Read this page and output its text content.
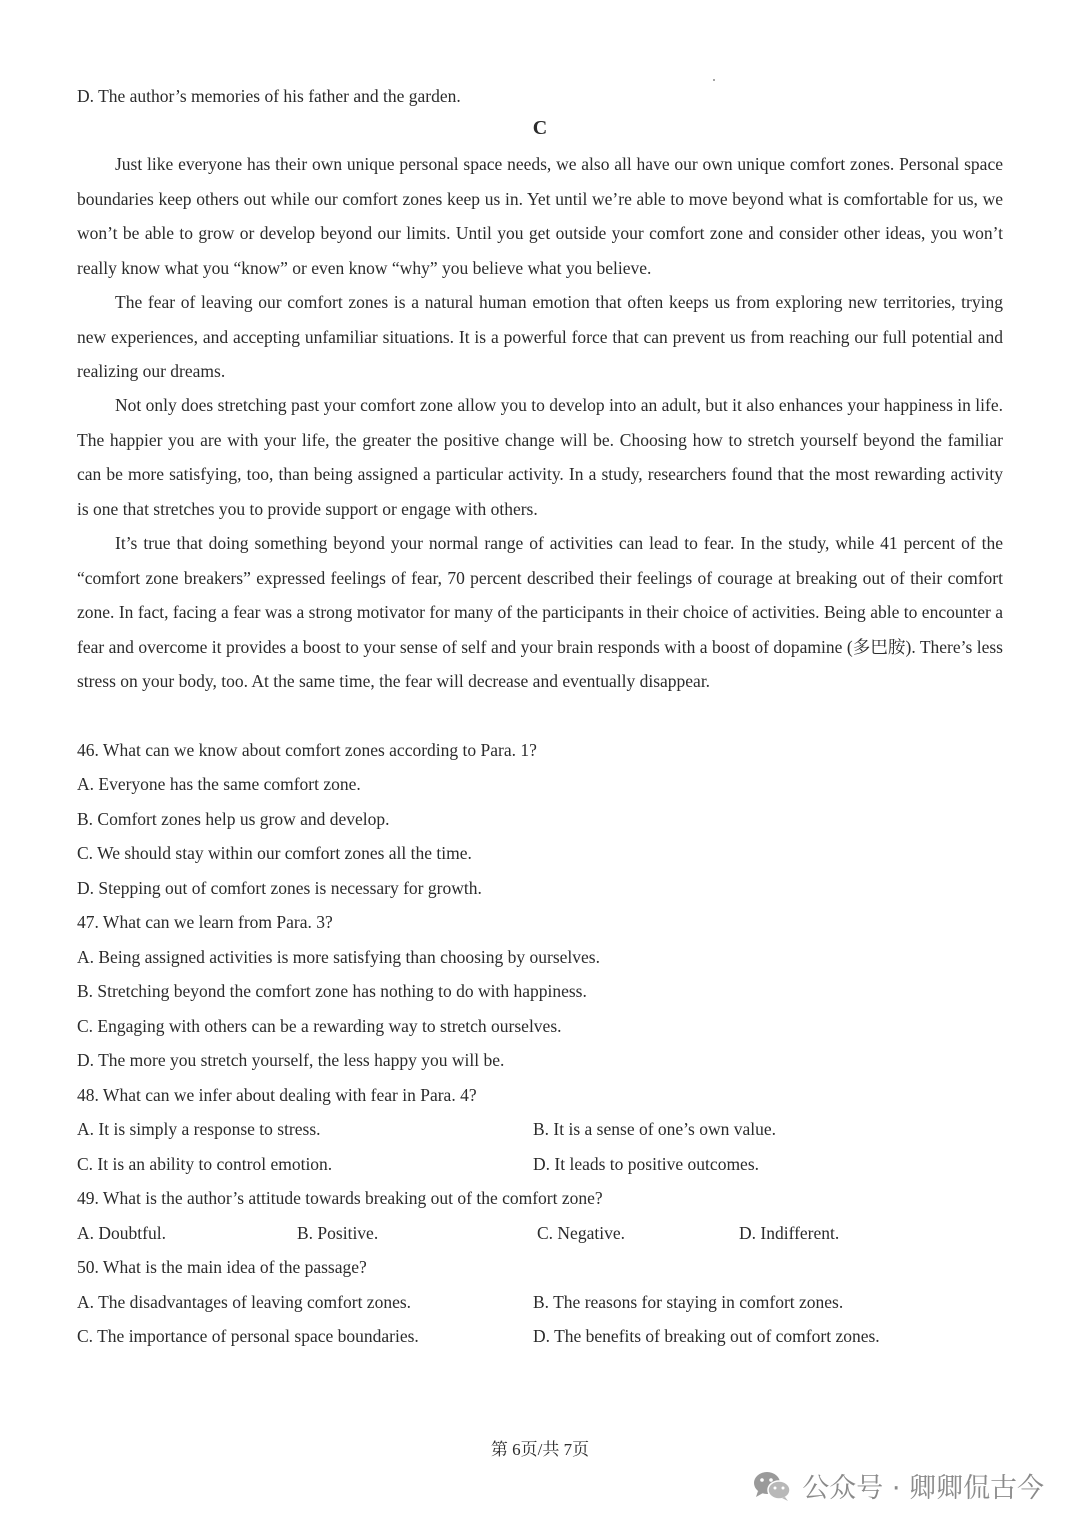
D. The author’s memories of his father and the garden.

C

Just like everyone has their own unique personal space needs, we also all have our own unique comfort zones. Personal space boundaries keep others out while our comfort zones keep us in. Yet until we’re able to move beyond what is comfortable for us, we won’t be able to grow or develop beyond our limits. Until you get outside your comfort zone and consider other ideas, you won’t really know what you “know” or even know “why” you believe what you believe.

The fear of leaving our comfort zones is a natural human emotion that often keeps us from exploring new territories, trying new experiences, and accepting unfamiliar situations. It is a powerful force that can prevent us from reaching our full potential and realizing our dreams.

Not only does stretching past your comfort zone allow you to develop into an adult, but it also enhances your happiness in life. The happier you are with your life, the greater the positive change will be. Choosing how to stretch yourself beyond the familiar can be more satisfying, too, than being assigned a particular activity. In a study, researchers found that the most rewarding activity is one that stretches you to provide support or engage with others.

It’s true that doing something beyond your normal range of activities can lead to fear. In the study, while 41 percent of the “comfort zone breakers” expressed feelings of fear, 70 percent described their feelings of courage at breaking out of their comfort zone. In fact, facing a fear was a strong motivator for many of the participants in their choice of activities. Being able to encounter a fear and overcome it provides a boost to your sense of self and your brain responds with a boost of dopamine (多巴胺). There’s less stress on your body, too. At the same time, the fear will decrease and eventually disappear.

46. What can we know about comfort zones according to Para. 1?

A. Everyone has the same comfort zone.

B. Comfort zones help us grow and develop.

C. We should stay within our comfort zones all the time.

D. Stepping out of comfort zones is necessary for growth.

47. What can we learn from Para. 3?

A. Being assigned activities is more satisfying than choosing by ourselves.

B. Stretching beyond the comfort zone has nothing to do with happiness.

C. Engaging with others can be a rewarding way to stretch ourselves.

D. The more you stretch yourself, the less happy you will be.

48. What can we infer about dealing with fear in Para. 4?

A. It is simply a response to stress.	B. It is a sense of one’s own value.

C. It is an ability to control emotion.	D. It leads to positive outcomes.

49. What is the author’s attitude towards breaking out of the comfort zone?

A. Doubtful.	B. Positive.	C. Negative.	D. Indifferent.

50. What is the main idea of the passage?

A. The disadvantages of leaving comfort zones.	B. The reasons for staying in comfort zones.

C. The importance of personal space boundaries.	D. The benefits of breaking out of comfort zones.

第 6页/共 7页

公众号 · 卿卿侃古今
